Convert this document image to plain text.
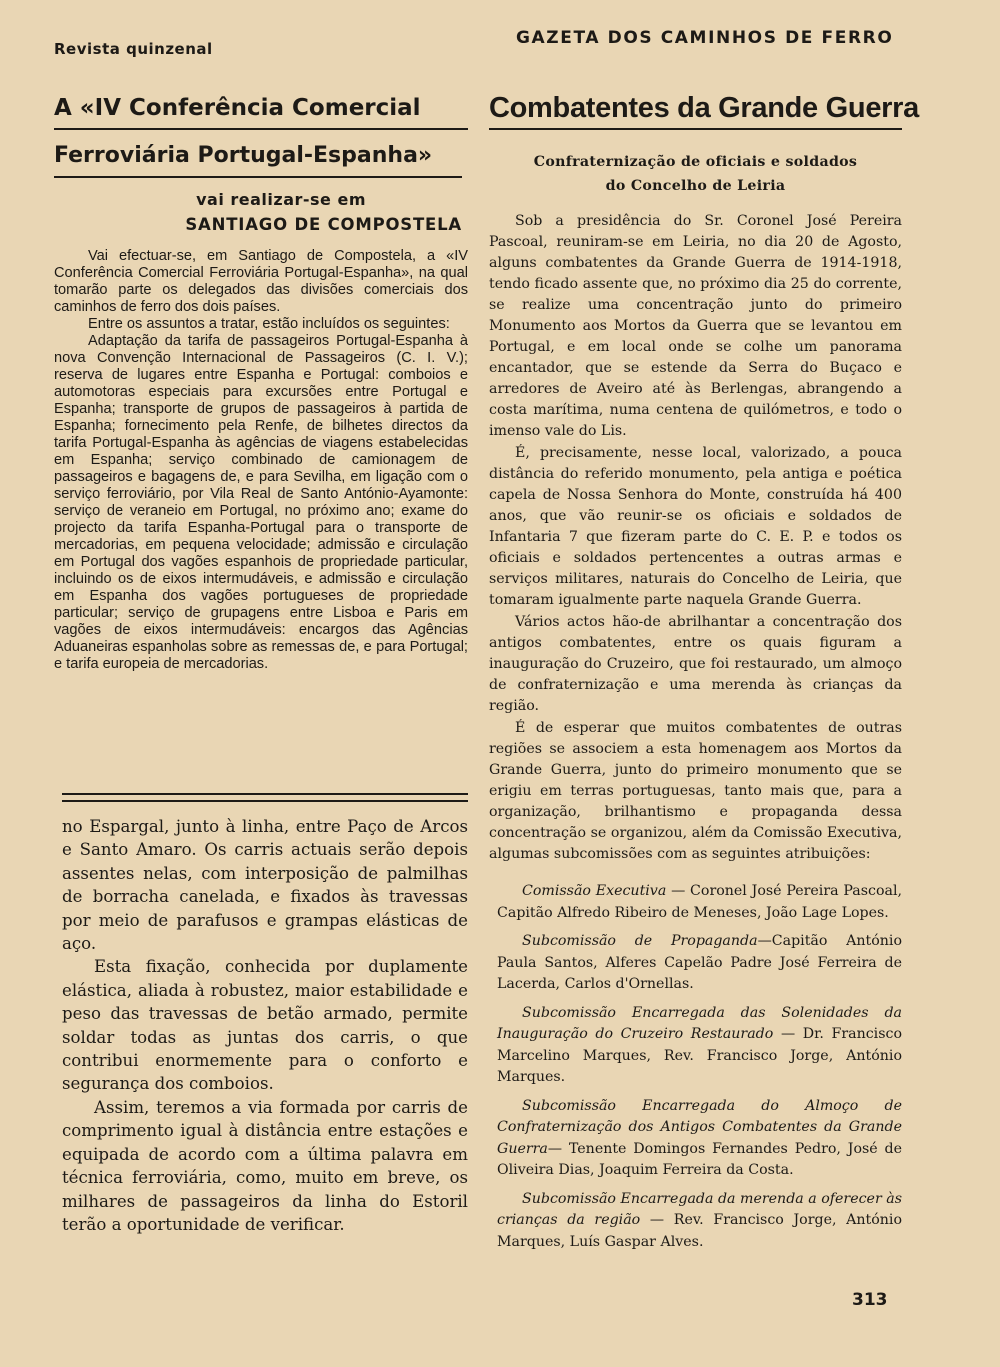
Revista quinzenal
GAZETA DOS CAMINHOS DE FERRO
A «IV Conferência Comercial
Ferroviária Portugal-Espanha»
vai realizar-se em
SANTIAGO DE COMPOSTELA

Vai efectuar-se, em Santiago de Compostela, a «IV Conferência Comercial Ferroviária Portugal-Espanha», na qual tomarão parte os delegados das divisões comerciais dos caminhos de ferro dos dois países.

Entre os assuntos a tratar, estão incluídos os seguintes:

Adaptação da tarifa de passageiros Portugal-Espanha à nova Convenção Internacional de Passageiros (C. I. V.); reserva de lugares entre Espanha e Portugal: comboios e automotoras especiais para excursões entre Portugal e Espanha; transporte de grupos de passageiros à partida de Espanha; fornecimento pela Renfe, de bilhetes directos da tarifa Portugal-Espanha às agências de viagens estabelecidas em Espanha; serviço combinado de camionagem de passageiros e bagagens de, e para Sevilha, em ligação com o serviço ferroviário, por Vila Real de Santo António-Ayamonte: serviço de veraneio em Portugal, no próximo ano; exame do projecto da tarifa Espanha-Portugal para o transporte de mercadorias, em pequena velocidade; admissão e circulação em Portugal dos vagões espanhois de propriedade particular, incluindo os de eixos intermudáveis, e admissão e circulação em Espanha dos vagões portugueses de propriedade particular; serviço de grupagens entre Lisboa e Paris em vagões de eixos intermudáveis: encargos das Agências Aduaneiras espanholas sobre as remessas de, e para Portugal; e tarifa europeia de mercadorias.

no Espargal, junto à linha, entre Paço de Arcos e Santo Amaro. Os carris actuais serão depois assentes nelas, com interposição de palmilhas de borracha canelada, e fixados às travessas por meio de parafusos e grampas elásticas de aço.

Esta fixação, conhecida por duplamente elástica, aliada à robustez, maior estabilidade e peso das travessas de betão armado, permite soldar todas as juntas dos carris, o que contribui enormemente para o conforto e segurança dos comboios.

Assim, teremos a via formada por carris de comprimento igual à distância entre estações e equipada de acordo com a última palavra em técnica ferroviária, como, muito em breve, os milhares de passageiros da linha do Estoril terão a oportunidade de verificar.

Combatentes da Grande Guerra
Confraternização de oficiais e soldados
do Concelho de Leiria

Sob a presidência do Sr. Coronel José Pereira Pascoal, reuniram-se em Leiria, no dia 20 de Agosto, alguns combatentes da Grande Guerra de 1914-1918, tendo ficado assente que, no próximo dia 25 do corrente, se realize uma concentração junto do primeiro Monumento aos Mortos da Guerra que se levantou em Portugal, e em local onde se colhe um panorama encantador, que se estende da Serra do Buçaco e arredores de Aveiro até às Berlengas, abrangendo a costa marítima, numa centena de quilómetros, e todo o imenso vale do Lis.

É, precisamente, nesse local, valorizado, a pouca distância do referido monumento, pela antiga e poética capela de Nossa Senhora do Monte, construída há 400 anos, que vão reunir-se os oficiais e soldados de Infantaria 7 que fizeram parte do C. E. P. e todos os oficiais e soldados pertencentes a outras armas e serviços militares, naturais do Concelho de Leiria, que tomaram igualmente parte naquela Grande Guerra.

Vários actos hão-de abrilhantar a concentração dos antigos combatentes, entre os quais figuram a inauguração do Cruzeiro, que foi restaurado, um almoço de confraternização e uma merenda às crianças da região.

É de esperar que muitos combatentes de outras regiões se associem a esta homenagem aos Mortos da Grande Guerra, junto do primeiro monumento que se erigiu em terras portuguesas, tanto mais que, para a organização, brilhantismo e propaganda dessa concentração se organizou, além da Comissão Executiva, algumas subcomissões com as seguintes atribuições:

Comissão Executiva — Coronel José Pereira Pascoal, Capitão Alfredo Ribeiro de Meneses, João Lage Lopes.

Subcomissão de Propaganda—Capitão António Paula Santos, Alferes Capelão Padre José Ferreira de Lacerda, Carlos d'Ornellas.

Subcomissão Encarregada das Solenidades da Inauguração do Cruzeiro Restaurado — Dr. Francisco Marcelino Marques, Rev. Francisco Jorge, António Marques.

Subcomissão Encarregada do Almoço de Confraternização dos Antigos Combatentes da Grande Guerra— Tenente Domingos Fernandes Pedro, José de Oliveira Dias, Joaquim Ferreira da Costa.

Subcomissão Encarregada da merenda a oferecer às crianças da região — Rev. Francisco Jorge, António Marques, Luís Gaspar Alves.

313
